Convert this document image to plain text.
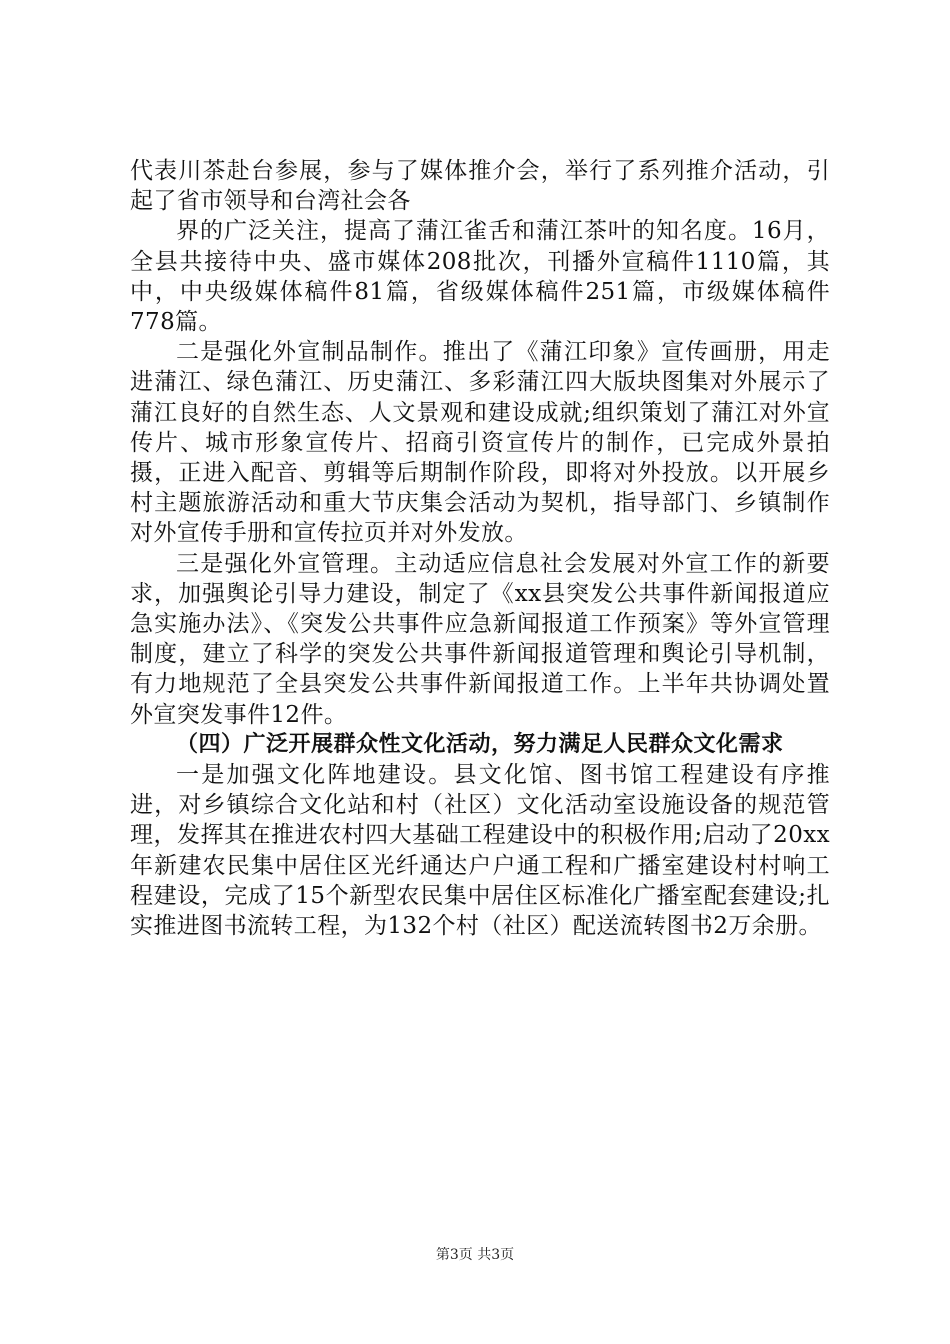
代表川茶赴台参展，参与了媒体推介会，举行了系列推介活动，引起了省市领导和台湾社会各

界的广泛关注，提高了蒲江雀舌和蒲江茶叶的知名度。16月，全县共接待中央、盛市媒体208批次，刊播外宣稿件1110篇，其中，中央级媒体稿件81篇，省级媒体稿件251篇，市级媒体稿件778篇。

二是强化外宣制品制作。推出了《蒲江印象》宣传画册，用走进蒲江、绿色蒲江、历史蒲江、多彩蒲江四大版块图集对外展示了蒲江良好的自然生态、人文景观和建设成就;组织策划了蒲江对外宣传片、城市形象宣传片、招商引资宣传片的制作，已完成外景拍摄，正进入配音、剪辑等后期制作阶段，即将对外投放。以开展乡村主题旅游活动和重大节庆集会活动为契机，指导部门、乡镇制作对外宣传手册和宣传拉页并对外发放。

三是强化外宣管理。主动适应信息社会发展对外宣工作的新要求，加强舆论引导力建设，制定了《xx县突发公共事件新闻报道应急实施办法》、《突发公共事件应急新闻报道工作预案》等外宣管理制度，建立了科学的突发公共事件新闻报道管理和舆论引导机制，有力地规范了全县突发公共事件新闻报道工作。上半年共协调处置外宣突发事件12件。

（四）广泛开展群众性文化活动，努力满足人民群众文化需求

一是加强文化阵地建设。县文化馆、图书馆工程建设有序推进，对乡镇综合文化站和村（社区）文化活动室设施设备的规范管理，发挥其在推进农村四大基础工程建设中的积极作用;启动了20xx年新建农民集中居住区光纤通达户户通工程和广播室建设村村响工程建设，完成了15个新型农民集中居住区标准化广播室配套建设;扎实推进图书流转工程，为132个村（社区）配送流转图书2万余册。

第3页 共3页
